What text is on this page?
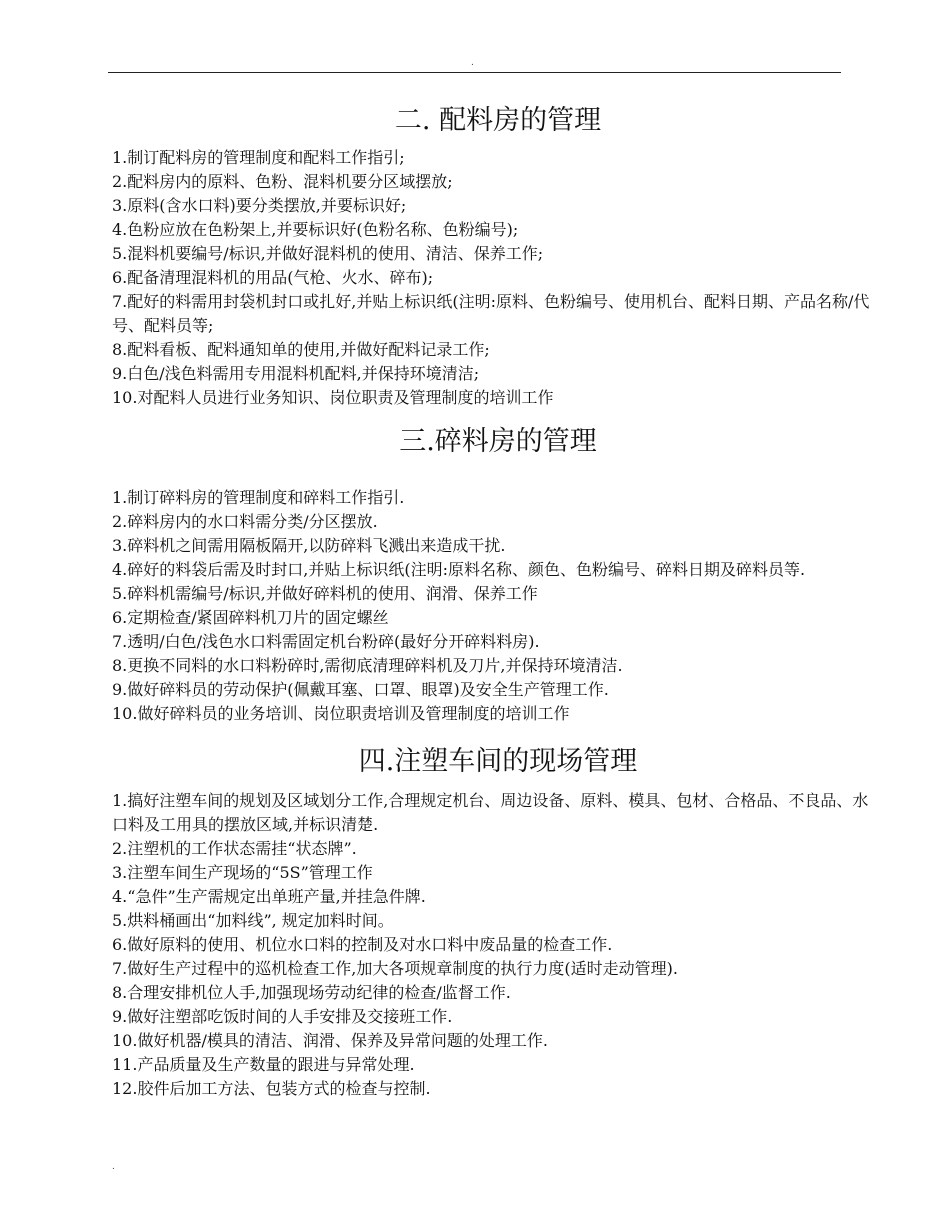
.
二. 配料房的管理
1.制订配料房的管理制度和配料工作指引;
2.配料房内的原料、色粉、混料机要分区域摆放;
3.原料(含水口料)要分类摆放,并要标识好;
4.色粉应放在色粉架上,并要标识好(色粉名称、色粉编号);
5.混料机要编号/标识,并做好混料机的使用、清洁、保养工作;
6.配备清理混料机的用品(气枪、火水、碎布);
7.配好的料需用封袋机封口或扎好,并贴上标识纸(注明:原料、色粉编号、使用机台、配料日期、产品名称/代号、配料员等;
8.配料看板、配料通知单的使用,并做好配料记录工作;
9.白色/浅色料需用专用混料机配料,并保持环境清洁;
10.对配料人员进行业务知识、岗位职责及管理制度的培训工作
三.碎料房的管理
1.制订碎料房的管理制度和碎料工作指引.
2.碎料房内的水口料需分类/分区摆放.
3.碎料机之间需用隔板隔开,以防碎料飞溅出来造成干扰.
4.碎好的料袋后需及时封口,并贴上标识纸(注明:原料名称、颜色、色粉编号、碎料日期及碎料员等.
5.碎料机需编号/标识,并做好碎料机的使用、润滑、保养工作
6.定期检查/紧固碎料机刀片的固定螺丝
7.透明/白色/浅色水口料需固定机台粉碎(最好分开碎料料房).
8.更换不同料的水口料粉碎时,需彻底清理碎料机及刀片,并保持环境清洁.
9.做好碎料员的劳动保护(佩戴耳塞、口罩、眼罩)及安全生产管理工作.
10.做好碎料员的业务培训、岗位职责培训及管理制度的培训工作
四.注塑车间的现场管理
1.搞好注塑车间的规划及区域划分工作,合理规定机台、周边设备、原料、模具、包材、合格品、不良品、水口料及工用具的摆放区域,并标识清楚.
2.注塑机的工作状态需挂“状态牌”.
3.注塑车间生产现场的“5S”管理工作
4.“急件”生产需规定出单班产量,并挂急件牌.
5.烘料桶画出“加料线”, 规定加料时间。
6.做好原料的使用、机位水口料的控制及对水口料中废品量的检查工作.
7.做好生产过程中的巡机检查工作,加大各项规章制度的执行力度(适时走动管理).
8.合理安排机位人手,加强现场劳动纪律的检查/监督工作.
9.做好注塑部吃饭时间的人手安排及交接班工作.
10.做好机器/模具的清洁、润滑、保养及异常问题的处理工作.
11.产品质量及生产数量的跟进与异常处理.
12.胶件后加工方法、包装方式的检查与控制.
.
